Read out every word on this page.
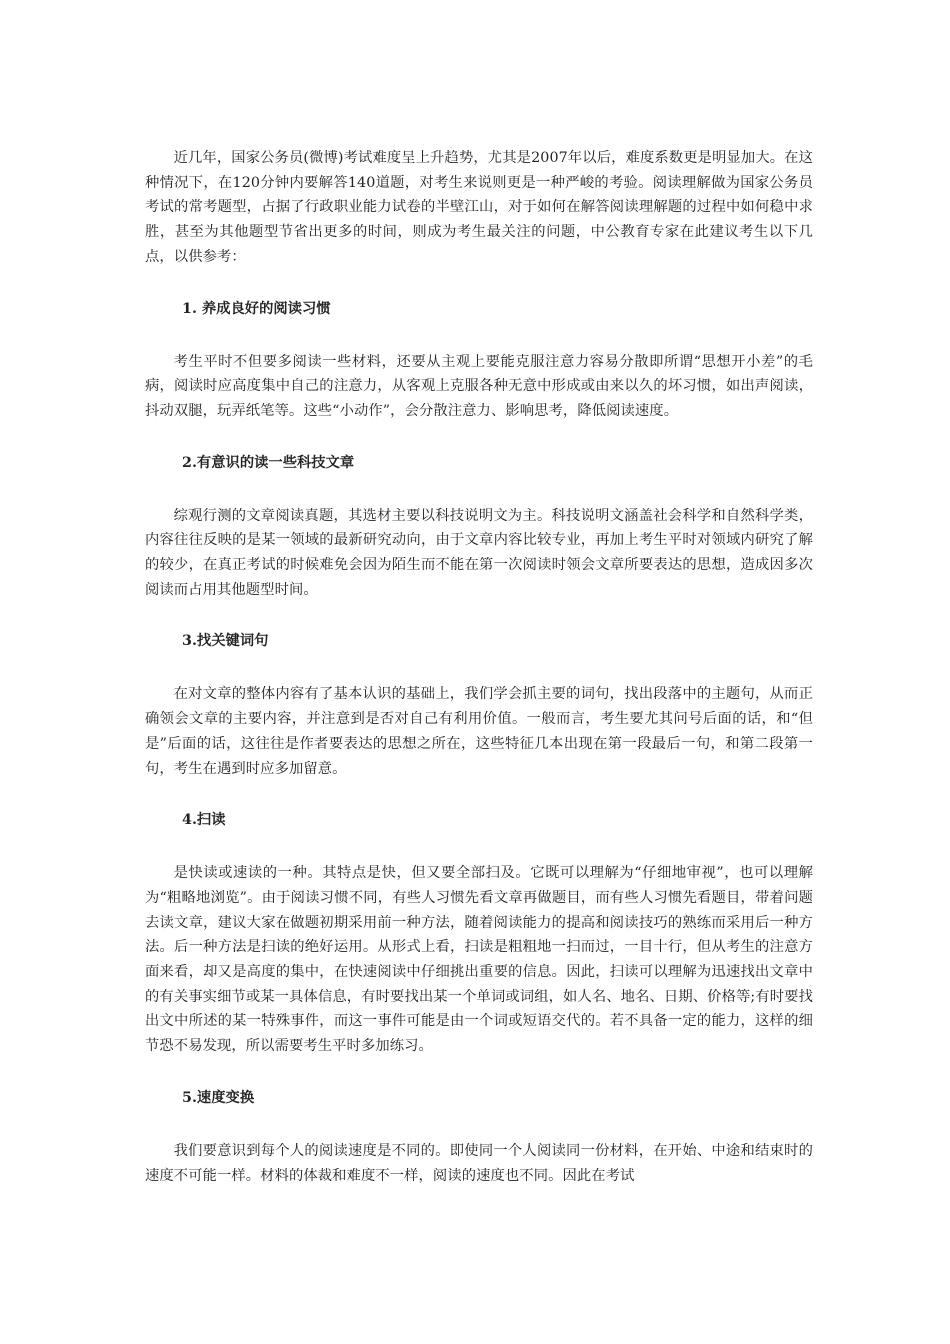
近几年，国家公务员(微博)考试难度呈上升趋势，尤其是2007年以后，难度系数更是明显加大。在这种情况下，在120分钟内要解答140道题，对考生来说则更是一种严峻的考验。阅读理解做为国家公务员考试的常考题型，占据了行政职业能力试卷的半壁江山，对于如何在解答阅读理解题的过程中如何稳中求胜，甚至为其他题型节省出更多的时间，则成为考生最关注的问题，中公教育专家在此建议考生以下几点，以供参考：

1. 养成良好的阅读习惯

考生平时不但要多阅读一些材料，还要从主观上要能克服注意力容易分散即所谓“思想开小差”的毛病，阅读时应高度集中自己的注意力，从客观上克服各种无意中形成或由来以久的坏习惯，如出声阅读，抖动双腿，玩弄纸笔等。这些“小动作”，会分散注意力、影响思考，降低阅读速度。

2.有意识的读一些科技文章

综观行测的文章阅读真题，其选材主要以科技说明文为主。科技说明文涵盖社会科学和自然科学类，内容往往反映的是某一领域的最新研究动向，由于文章内容比较专业，再加上考生平时对领域内研究了解的较少，在真正考试的时候难免会因为陌生而不能在第一次阅读时领会文章所要表达的思想，造成因多次阅读而占用其他题型时间。

3.找关键词句

在对文章的整体内容有了基本认识的基础上，我们学会抓主要的词句，找出段落中的主题句，从而正确领会文章的主要内容，并注意到是否对自己有利用价值。一般而言，考生要尤其问号后面的话，和“但是”后面的话，这往往是作者要表达的思想之所在，这些特征几本出现在第一段最后一句，和第二段第一句，考生在遇到时应多加留意。

4.扫读

是快读或速读的一种。其特点是快，但又要全部扫及。它既可以理解为“仔细地审视”，也可以理解为“粗略地浏览”。由于阅读习惯不同，有些人习惯先看文章再做题目，而有些人习惯先看题目，带着问题去读文章，建议大家在做题初期采用前一种方法，随着阅读能力的提高和阅读技巧的熟练而采用后一种方法。后一种方法是扫读的绝好运用。从形式上看，扫读是粗粗地一扫而过，一目十行，但从考生的注意方面来看，却又是高度的集中，在快速阅读中仔细挑出重要的信息。因此，扫读可以理解为迅速找出文章中的有关事实细节或某一具体信息，有时要找出某一个单词或词组，如人名、地名、日期、价格等;有时要找出文中所述的某一特殊事件，而这一事件可能是由一个词或短语交代的。若不具备一定的能力，这样的细节恐不易发现，所以需要考生平时多加练习。

5.速度变换

我们要意识到每个人的阅读速度是不同的。即使同一个人阅读同一份材料，在开始、中途和结束时的速度不可能一样。材料的体裁和难度不一样，阅读的速度也不同。因此在考试
